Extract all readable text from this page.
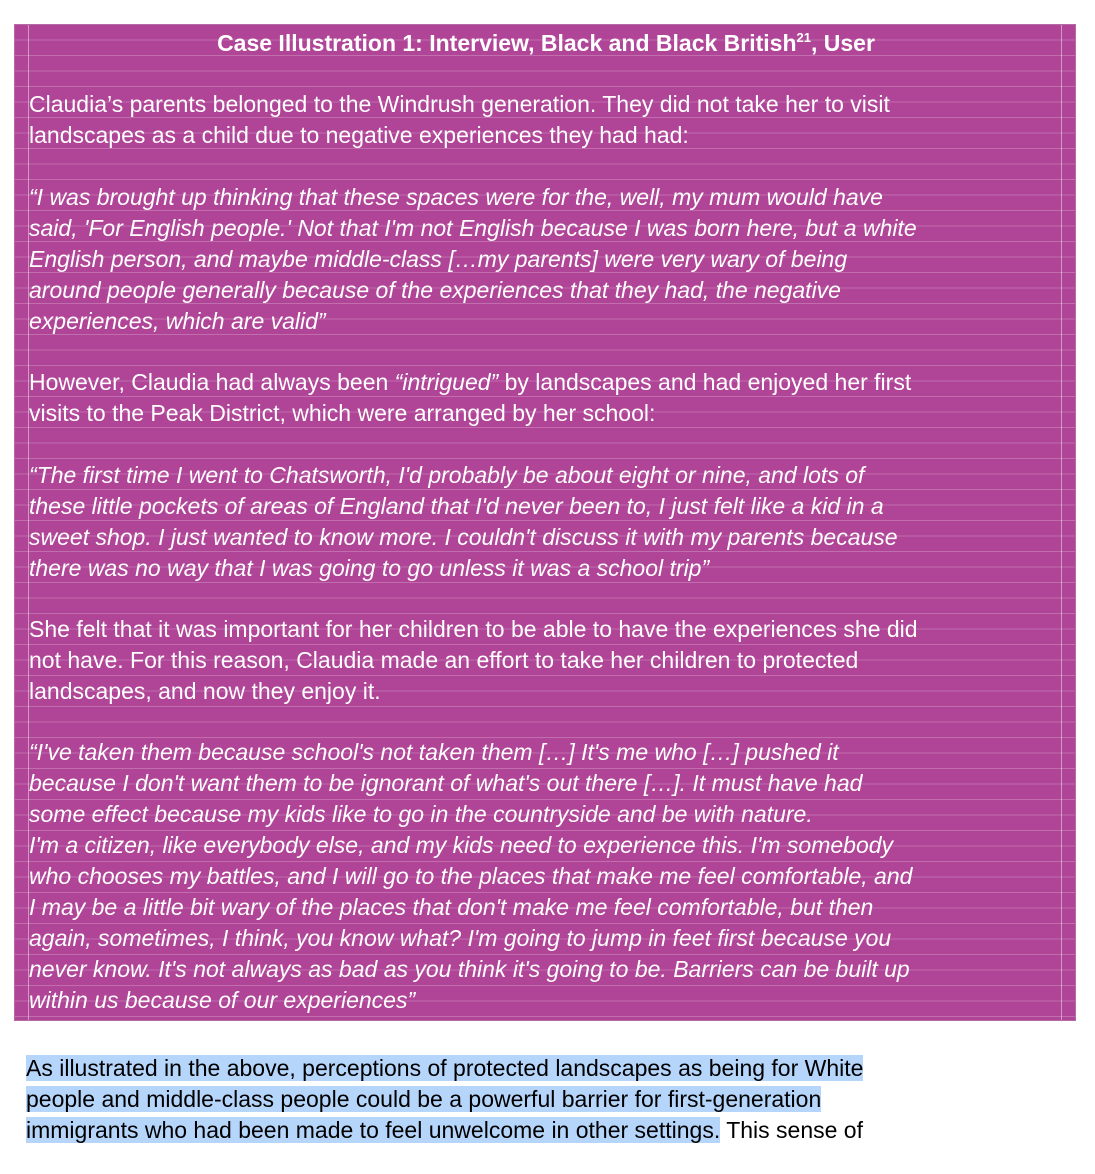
Case Illustration 1: Interview, Black and Black British$^{21}$, User

Claudia’s parents belonged to the Windrush generation. They did not take her to visit
landscapes as a child due to negative experiences they had had:

“I was brought up thinking that these spaces were for the, well, my mum would have
said, 'For English people.' Not that I'm not English because I was born here, but a white
English person, and maybe middle-class […my parents] were very wary of being
around people generally because of the experiences that they had, the negative
experiences, which are valid”

However, Claudia had always been “intrigued” by landscapes and had enjoyed her first
visits to the Peak District, which were arranged by her school:

“The first time I went to Chatsworth, I'd probably be about eight or nine, and lots of
these little pockets of areas of England that I'd never been to, I just felt like a kid in a
sweet shop. I just wanted to know more. I couldn't discuss it with my parents because
there was no way that I was going to go unless it was a school trip”

She felt that it was important for her children to be able to have the experiences she did
not have. For this reason, Claudia made an effort to take her children to protected
landscapes, and now they enjoy it.

“I've taken them because school's not taken them […] It's me who […] pushed it
because I don't want them to be ignorant of what's out there […]. It must have had
some effect because my kids like to go in the countryside and be with nature.
I'm a citizen, like everybody else, and my kids need to experience this. I'm somebody
who chooses my battles, and I will go to the places that make me feel comfortable, and
I may be a little bit wary of the places that don't make me feel comfortable, but then
again, sometimes, I think, you know what? I'm going to jump in feet first because you
never know. It's not always as bad as you think it's going to be. Barriers can be built up
within us because of our experiences”

As illustrated in the above, perceptions of protected landscapes as being for White
people and middle-class people could be a powerful barrier for first-generation
immigrants who had been made to feel unwelcome in other settings. This sense of
